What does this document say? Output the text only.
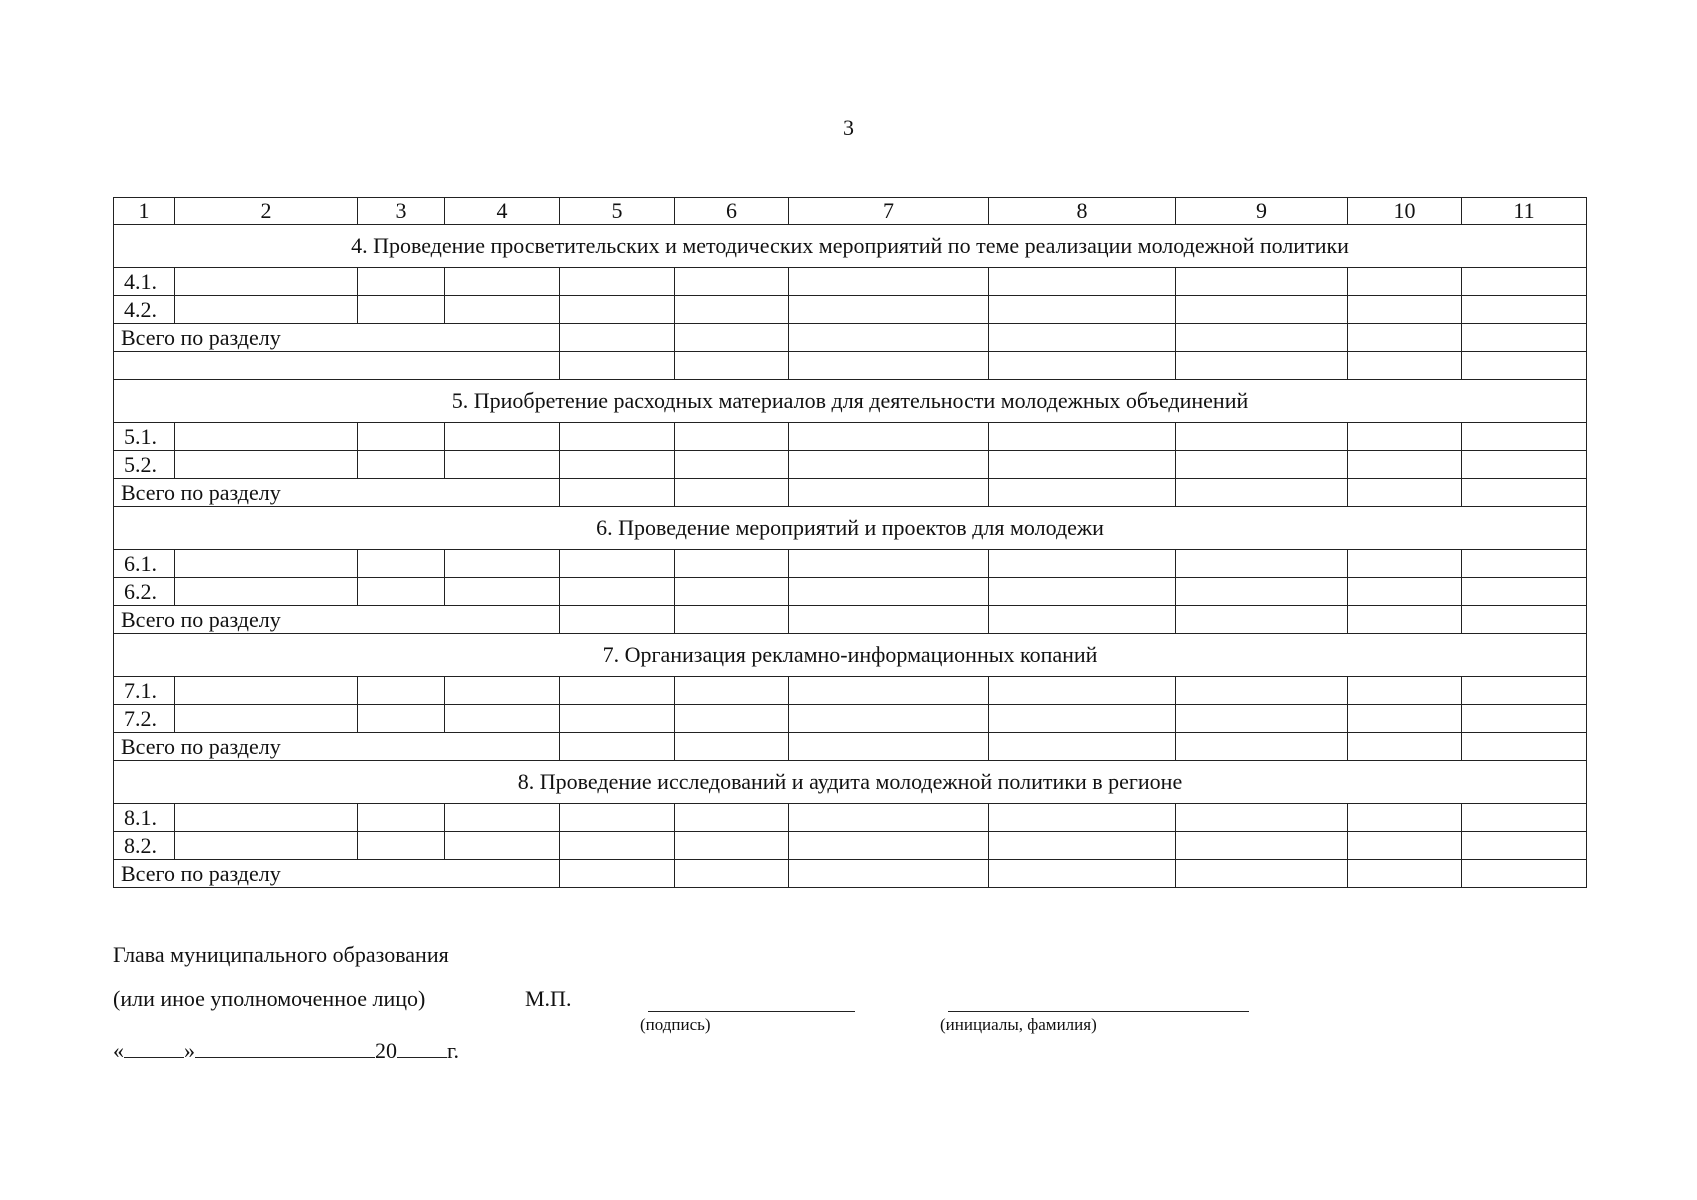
3
1	2	3	4	5	6	7	8	9	10	11
4. Проведение просветительских и методических мероприятий по теме реализации молодежной политики										
4.1.										
4.2.										
Всего по разделу										

5. Приобретение расходных материалов для деятельности молодежных объединений										
5.1.										
5.2.										
Всего по разделу										
6. Проведение мероприятий и проектов для молодежи										
6.1.										
6.2.										
Всего по разделу										
7. Организация рекламно-информационных копаний										
7.1.										
7.2.										
Всего по разделу										
8. Проведение исследований и аудита молодежной политики в регионе										
8.1.										
8.2.										
Всего по разделу										
Глава муниципального образования
(или иное уполномоченное лицо)	М.П.
(подпись)	(инициалы, фамилия)
«	»	20 г.
